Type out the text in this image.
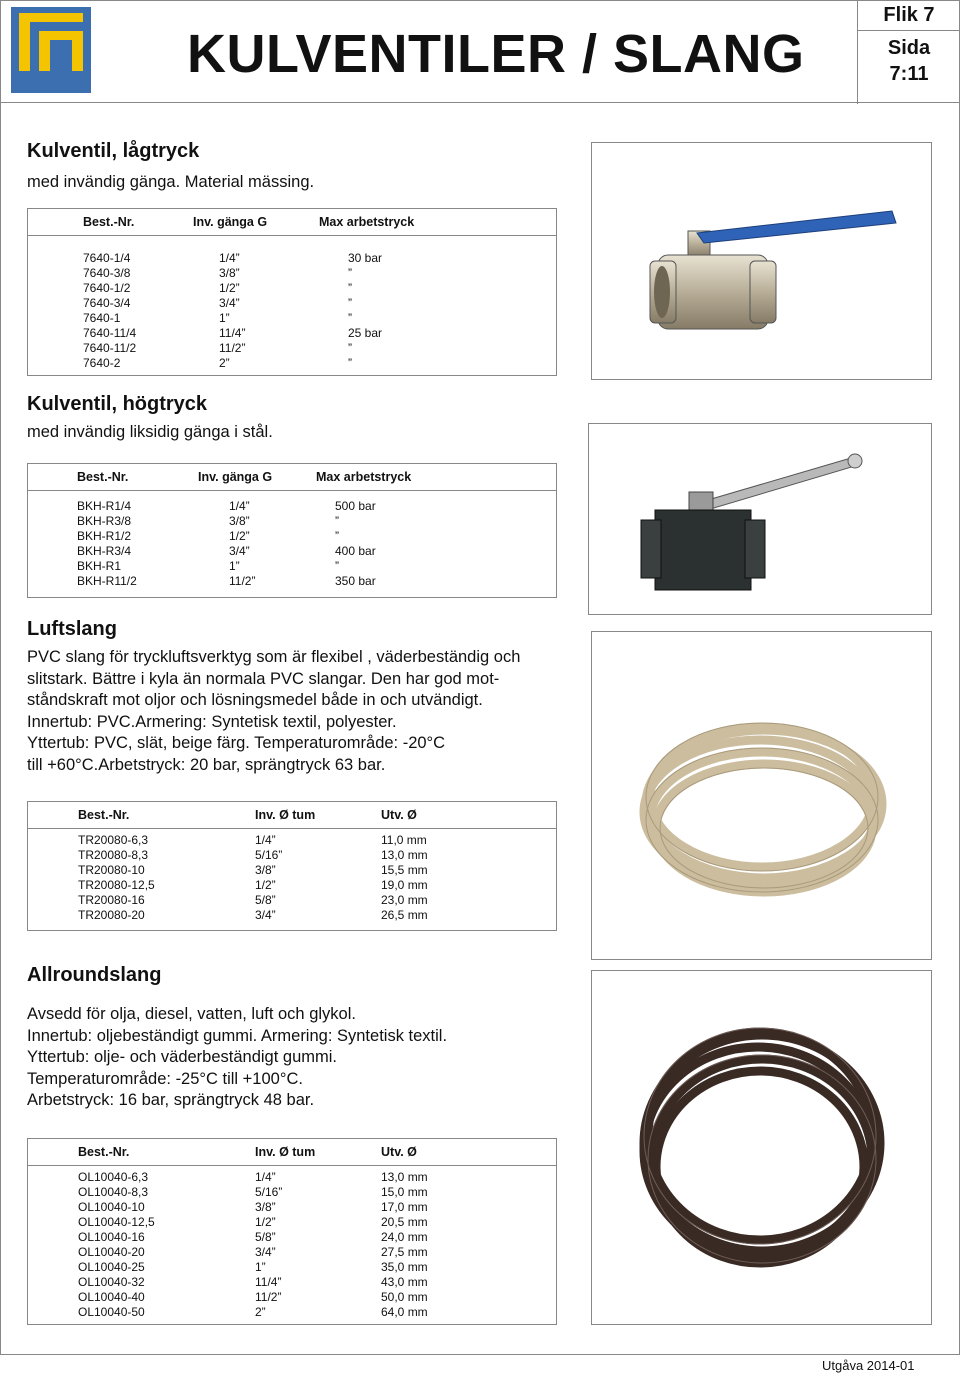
GERM AB KULVENTILER / SLANG
Flik 7
Sida
7:11
Kulventil, lågtryck
med invändig gänga. Material mässing.
Best.-Nr.	Inv. gänga G	Max arbetstryck
7640-1/4	1/4”	30 bar
7640-3/8	3/8”	”
7640-1/2	1/2”	”
7640-3/4	3/4”	”
7640-1	1”	”
7640-11/4	11/4”	25 bar
7640-11/2	11/2”	”
7640-2	2”	”
Kulventil, högtryck
med invändig liksidig gänga i stål.
Best.-Nr.	Inv. gänga G	Max arbetstryck
BKH-R1/4	1/4”	500 bar
BKH-R3/8	3/8”	”
BKH-R1/2	1/2”	”
BKH-R3/4	3/4”	400 bar
BKH-R1	1”	”
BKH-R11/2	11/2”	350 bar
Luftslang
PVC slang för tryckluftsverktyg som är flexibel , väderbeständig och
slitstark. Bättre i kyla än normala PVC slangar. Den har god mot-
ståndskraft mot oljor och lösningsmedel både in och utvändigt.
Innertub: PVC.Armering: Syntetisk textil, polyester.
Yttertub: PVC, slät, beige färg. Temperaturområde: -20°C
till +60°C.Arbetstryck: 20 bar, sprängtryck 63 bar.
Best.-Nr.	Inv. Ø tum	Utv. Ø
TR20080-6,3	1/4”	11,0 mm
TR20080-8,3	5/16”	13,0 mm
TR20080-10	3/8”	15,5 mm
TR20080-12,5	1/2”	19,0 mm
TR20080-16	5/8”	23,0 mm
TR20080-20	3/4”	26,5 mm
Allroundslang
Avsedd för olja, diesel, vatten, luft och glykol.
Innertub: oljebeständigt gummi. Armering: Syntetisk textil.
Yttertub: olje- och väderbeständigt gummi.
Temperaturområde: -25°C till +100°C.
Arbetstryck: 16 bar, sprängtryck 48 bar.
Best.-Nr.	Inv. Ø tum	Utv. Ø
OL10040-6,3	1/4”	13,0 mm
OL10040-8,3	5/16”	15,0 mm
OL10040-10	3/8”	17,0 mm
OL10040-12,5	1/2”	20,5 mm
OL10040-16	5/8”	24,0 mm
OL10040-20	3/4”	27,5 mm
OL10040-25	1”	35,0 mm
OL10040-32	11/4”	43,0 mm
OL10040-40	11/2”	50,0 mm
OL10040-50	2”	64,0 mm
Utgåva 2014-01
